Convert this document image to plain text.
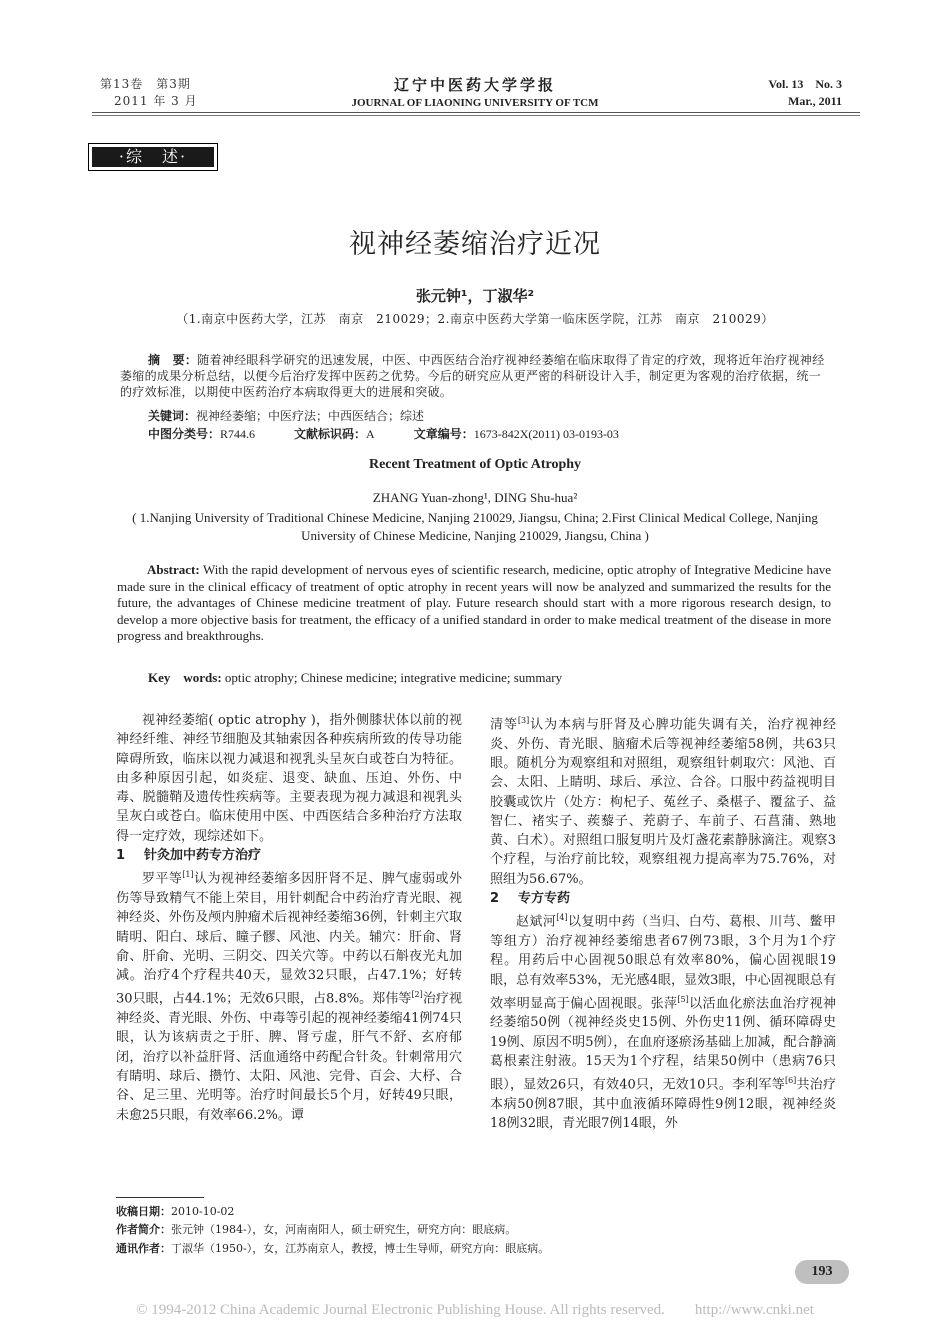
第13卷　第3期
2011 年 3 月
辽宁中医药大学学报
JOURNAL OF LIAONING UNIVERSITY OF TCM
Vol. 13　No. 3
Mar., 2011
·综　述·
视神经萎缩治疗近况
张元钟¹，丁淑华²
（1.南京中医药大学，江苏　南京　210029；2.南京中医药大学第一临床医学院，江苏　南京　210029）
摘　要：随着神经眼科学研究的迅速发展，中医、中西医结合治疗视神经萎缩在临床取得了肯定的疗效，现将近年治疗视神经萎缩的成果分析总结，以便今后治疗发挥中医药之优势。今后的研究应从更严密的科研设计入手，制定更为客观的治疗依据，统一的疗效标准，以期使中医药治疗本病取得更大的进展和突破。
关键词：视神经萎缩；中医疗法；中西医结合；综述
中图分类号：R744.6	文献标识码：A	文章编号：1673-842X(2011) 03-0193-03
Recent Treatment of Optic Atrophy
ZHANG Yuan-zhong¹, DING Shu-hua²
( 1.Nanjing University of Traditional Chinese Medicine, Nanjing 210029, Jiangsu, China; 2.First Clinical Medical College, Nanjing University of Chinese Medicine, Nanjing 210029, Jiangsu, China )
Abstract: With the rapid development of nervous eyes of scientific research, medicine, optic atrophy of Integrative Medicine have made sure in the clinical efficacy of treatment of optic atrophy in recent years will now be analyzed and summarized the results for the future, the advantages of Chinese medicine treatment of play. Future research should start with a more rigorous research design, to develop a more objective basis for treatment, the efficacy of a unified standard in order to make medical treatment of the disease in more progress and breakthroughs.
Key　words: optic atrophy; Chinese medicine; integrative medicine; summary

视神经萎缩( optic atrophy )，指外侧膝状体以前的视神经纤维、神经节细胞及其轴索因各种疾病所致的传导功能障碍所致，临床以视力减退和视乳头呈灰白或苍白为特征。由多种原因引起，如炎症、退变、缺血、压迫、外伤、中毒、脱髓鞘及遗传性疾病等。主要表现为视力减退和视乳头呈灰白或苍白。临床使用中医、中西医结合多种治疗方法取得一定疗效，现综述如下。

1 针灸加中药专方治疗

罗平等[1]认为视神经萎缩多因肝肾不足、脾气虚弱或外伤等导致精气不能上荣目，用针刺配合中药治疗青光眼、视神经炎、外伤及颅内肿瘤术后视神经萎缩36例，针刺主穴取睛明、阳白、球后、瞳子髎、风池、内关。辅穴：肝俞、肾俞、肝俞、光明、三阴交、四关穴等。中药以石斛夜光丸加减。治疗4个疗程共40天，显效32只眼，占47.1%；好转30只眼，占44.1%；无效6只眼，占8.8%。郑伟等[2]治疗视神经炎、青光眼、外伤、中毒等引起的视神经萎缩41例74只眼，认为该病责之于肝、脾、肾亏虚，肝气不舒、玄府郁闭，治疗以补益肝肾、活血通络中药配合针灸。针刺常用穴有睛明、球后、攒竹、太阳、风池、完骨、百会、大杼、合谷、足三里、光明等。治疗时间最长5个月，好转49只眼，未愈25只眼，有效率66.2%。谭

清等[3]认为本病与肝肾及心脾功能失调有关，治疗视神经炎、外伤、青光眼、脑瘤术后等视神经萎缩58例，共63只眼。随机分为观察组和对照组，观察组针刺取穴：风池、百会、太阳、上睛明、球后、承泣、合谷。口服中药益视明目胶囊或饮片（处方：枸杞子、菟丝子、桑椹子、覆盆子、益智仁、褚实子、蒺藜子、茺蔚子、车前子、石菖蒲、熟地黄、白术）。对照组口服复明片及灯盏花素静脉滴注。观察3个疗程，与治疗前比较，观察组视力提高率为75.76%，对照组为56.67%。

2 专方专药

赵斌河[4]以复明中药（当归、白芍、葛根、川芎、鳖甲等组方）治疗视神经萎缩患者67例73眼，3个月为1个疗程。用药后中心固视50眼总有效率80%，偏心固视眼19眼，总有效率53%，无光感4眼，显效3眼，中心固视眼总有效率明显高于偏心固视眼。张萍[5]以活血化瘀法血治疗视神经萎缩50例（视神经炎史15例、外伤史11例、循环障碍史19例、原因不明5例），在血府逐瘀汤基础上加减，配合静滴葛根素注射液。15天为1个疗程，结果50例中（患病76只眼），显效26只，有效40只，无效10只。李利军等[6]共治疗本病50例87眼，其中血液循环障碍性9例12眼，视神经炎18例32眼，青光眼7例14眼，外

收稿日期：2010-10-02
作者简介：张元钟（1984-），女，河南南阳人，硕士研究生，研究方向：眼底病。
通讯作者：丁淑华（1950-），女，江苏南京人，教授，博士生导师，研究方向：眼底病。
193
© 1994-2012 China Academic Journal Electronic Publishing House. All rights reserved.　　http://www.cnki.net
